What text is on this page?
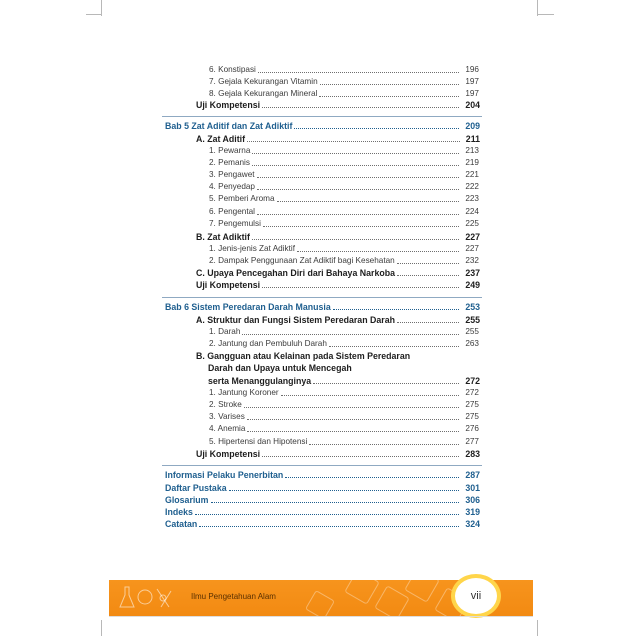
6. Konstipasi	196
7. Gejala Kekurangan Vitamin	197
8. Gejala Kekurangan Mineral	197
Uji Kompetensi	204
Bab 5 Zat Aditif dan Zat Adiktif	209
A. Zat Aditif	211
1. Pewarna	213
2. Pemanis	219
3. Pengawet	221
4. Penyedap	222
5. Pemberi Aroma	223
6. Pengental	224
7. Pengemulsi	225
B. Zat Adiktif	227
1. Jenis-jenis Zat Adiktif	227
2. Dampak Penggunaan Zat Adiktif bagi Kesehatan	232
C. Upaya Pencegahan Diri dari Bahaya Narkoba	237
Uji Kompetensi	249
Bab 6 Sistem Peredaran Darah Manusia	253
A. Struktur dan Fungsi Sistem Peredaran Darah	255
1. Darah	255
2. Jantung dan Pembuluh Darah	263
B. Gangguan atau Kelainan pada Sistem Peredaran
Darah dan Upaya untuk Mencegah
serta Menanggulanginya	272
1. Jantung Koroner	272
2. Stroke	275
3. Varises	275
4. Anemia	276
5. Hipertensi dan Hipotensi	277
Uji Kompetensi	283
Informasi Pelaku Penerbitan	287
Daftar Pustaka	301
Glosarium	306
Indeks	319
Catatan	324
Ilmu Pengetahuan Alam	vii
